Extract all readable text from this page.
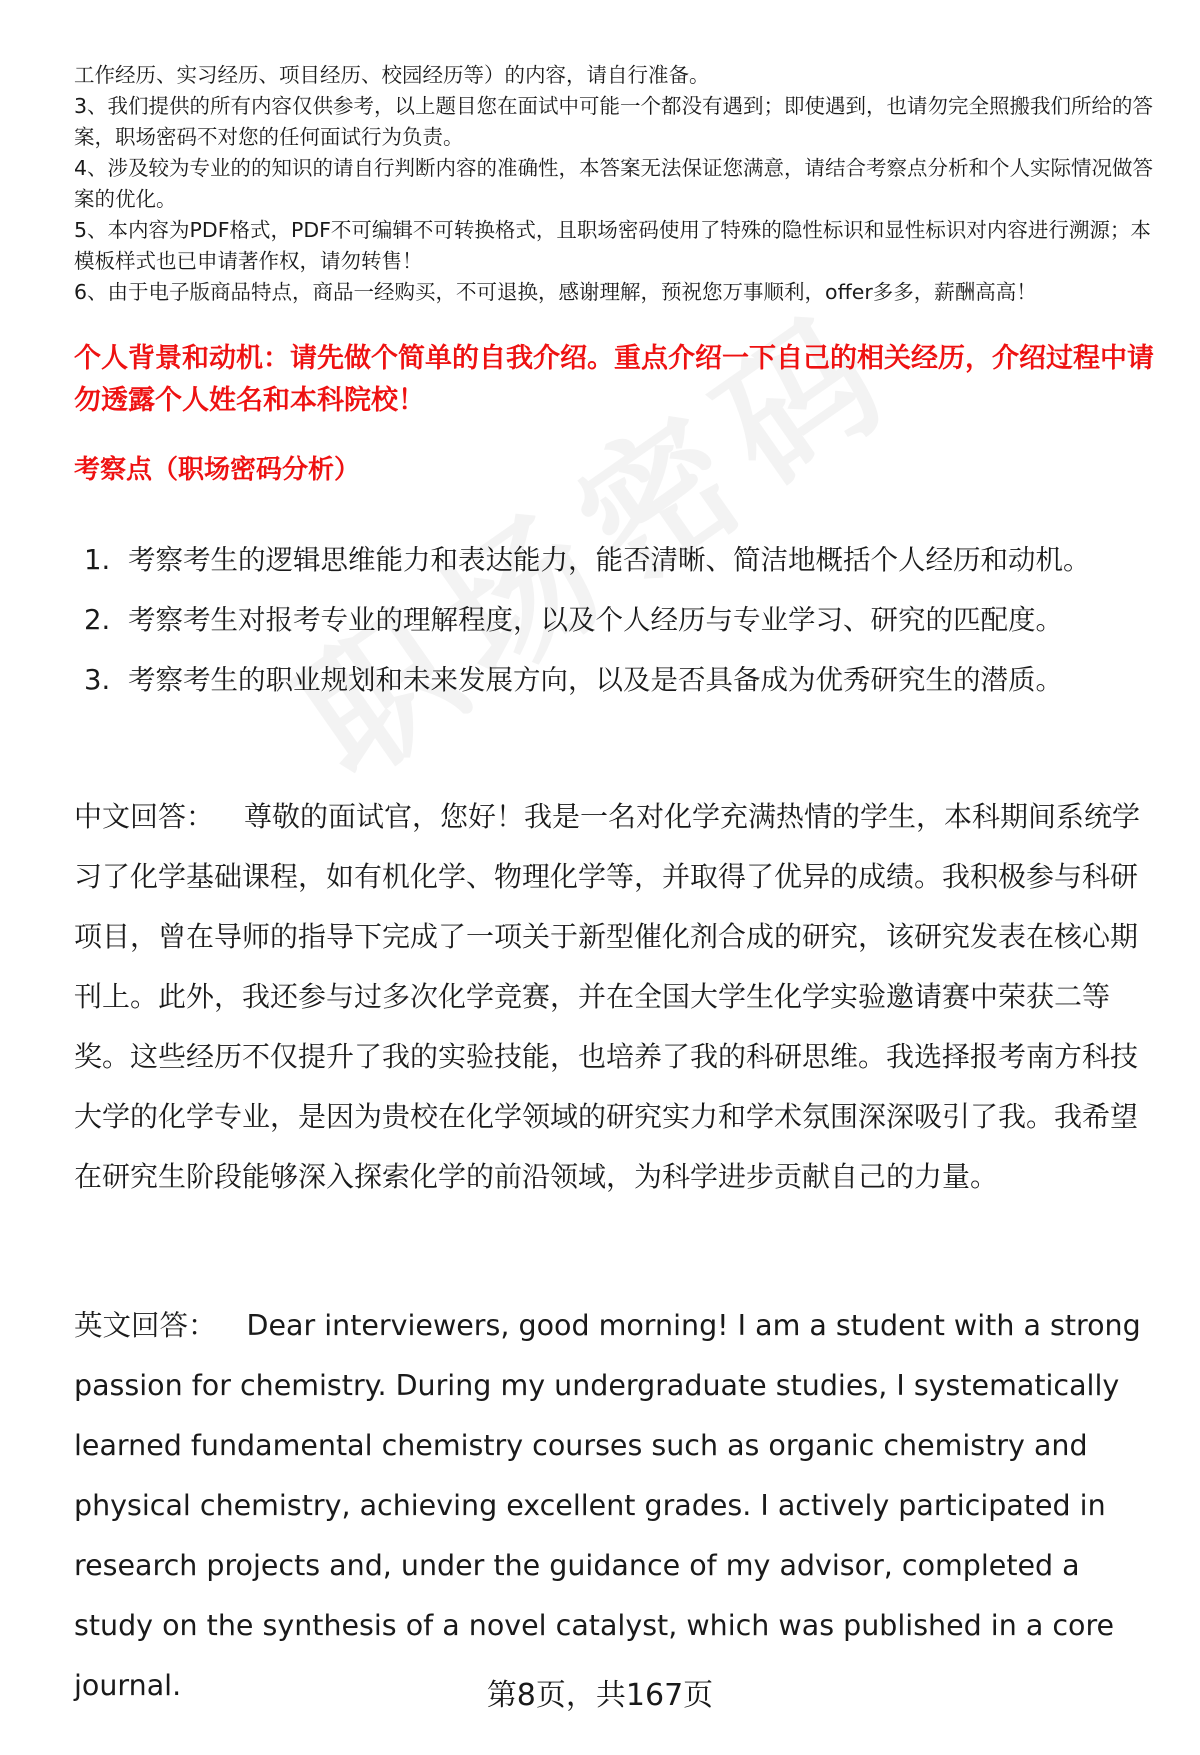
工作经历、实习经历、项目经历、校园经历等）的内容，请自行准备。

3、我们提供的所有内容仅供参考，以上题目您在面试中可能一个都没有遇到；即使遇到，也请勿完全照搬我们所给的答案，职场密码不对您的任何面试行为负责。

4、涉及较为专业的的知识的请自行判断内容的准确性，本答案无法保证您满意，请结合考察点分析和个人实际情况做答案的优化。

5、本内容为PDF格式，PDF不可编辑不可转换格式，且职场密码使用了特殊的隐性标识和显性标识对内容进行溯源；本模板样式也已申请著作权，请勿转售！

6、由于电子版商品特点，商品一经购买，不可退换，感谢理解，预祝您万事顺利，offer多多，薪酬高高！

个人背景和动机：请先做个简单的自我介绍。重点介绍一下自己的相关经历，介绍过程中请勿透露个人姓名和本科院校！
考察点（职场密码分析）
1. 考察考生的逻辑思维能力和表达能力，能否清晰、简洁地概括个人经历和动机。
2. 考察考生对报考专业的理解程度，以及个人经历与专业学习、研究的匹配度。
3. 考察考生的职业规划和未来发展方向，以及是否具备成为优秀研究生的潜质。
中文回答： 尊敬的面试官，您好！我是一名对化学充满热情的学生，本科期间系统学习了化学基础课程，如有机化学、物理化学等，并取得了优异的成绩。我积极参与科研项目，曾在导师的指导下完成了一项关于新型催化剂合成的研究，该研究发表在核心期刊上。此外，我还参与过多次化学竞赛，并在全国大学生化学实验邀请赛中荣获二等奖。这些经历不仅提升了我的实验技能，也培养了我的科研思维。我选择报考南方科技大学的化学专业，是因为贵校在化学领域的研究实力和学术氛围深深吸引了我。我希望在研究生阶段能够深入探索化学的前沿领域，为科学进步贡献自己的力量。
英文回答： Dear interviewers, good morning! I am a student with a strong passion for chemistry. During my undergraduate studies, I systematically learned fundamental chemistry courses such as organic chemistry and physical chemistry, achieving excellent grades. I actively participated in research projects and, under the guidance of my advisor, completed a study on the synthesis of a novel catalyst, which was published in a core journal.	第8页，共167页
